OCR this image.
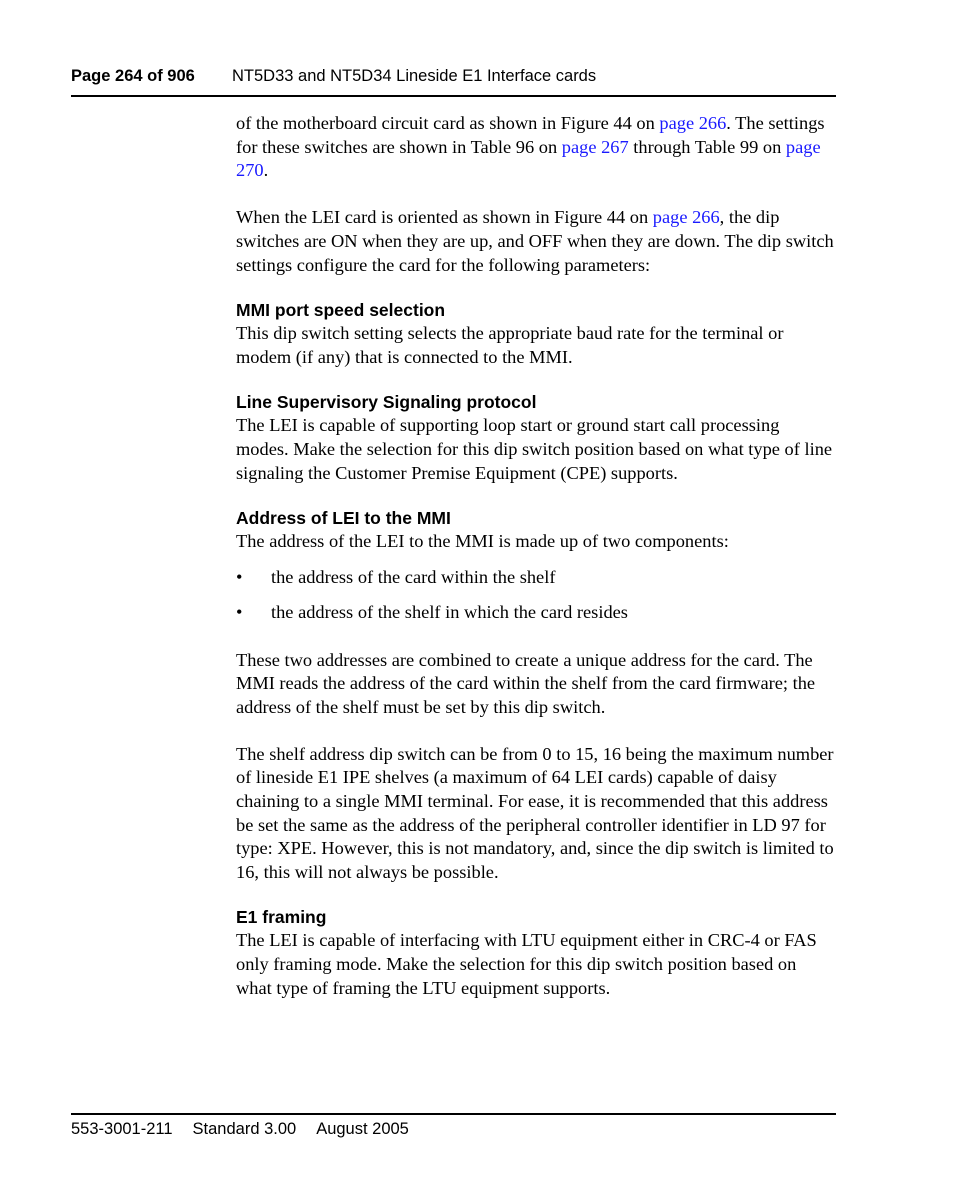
Page 264 of 906 NT5D33 and NT5D34 Lineside E1 Interface cards

of the motherboard circuit card as shown in Figure 44 on page 266. The settings for these switches are shown in Table 96 on page 267 through Table 99 on page 270.

When the LEI card is oriented as shown in Figure 44 on page 266, the dip switches are ON when they are up, and OFF when they are down. The dip switch settings configure the card for the following parameters:

MMI port speed selection

This dip switch setting selects the appropriate baud rate for the terminal or modem (if any) that is connected to the MMI.

Line Supervisory Signaling protocol

The LEI is capable of supporting loop start or ground start call processing modes. Make the selection for this dip switch position based on what type of line signaling the Customer Premise Equipment (CPE) supports.

Address of LEI to the MMI

The address of the LEI to the MMI is made up of two components:

• the address of the card within the shelf
• the address of the shelf in which the card resides

These two addresses are combined to create a unique address for the card. The MMI reads the address of the card within the shelf from the card firmware; the address of the shelf must be set by this dip switch.

The shelf address dip switch can be from 0 to 15, 16 being the maximum number of lineside E1 IPE shelves (a maximum of 64 LEI cards) capable of daisy chaining to a single MMI terminal. For ease, it is recommended that this address be set the same as the address of the peripheral controller identifier in LD 97 for type: XPE. However, this is not mandatory, and, since the dip switch is limited to 16, this will not always be possible.

E1 framing

The LEI is capable of interfacing with LTU equipment either in CRC-4 or FAS only framing mode. Make the selection for this dip switch position based on what type of framing the LTU equipment supports.

553-3001-211 Standard 3.00 August 2005
